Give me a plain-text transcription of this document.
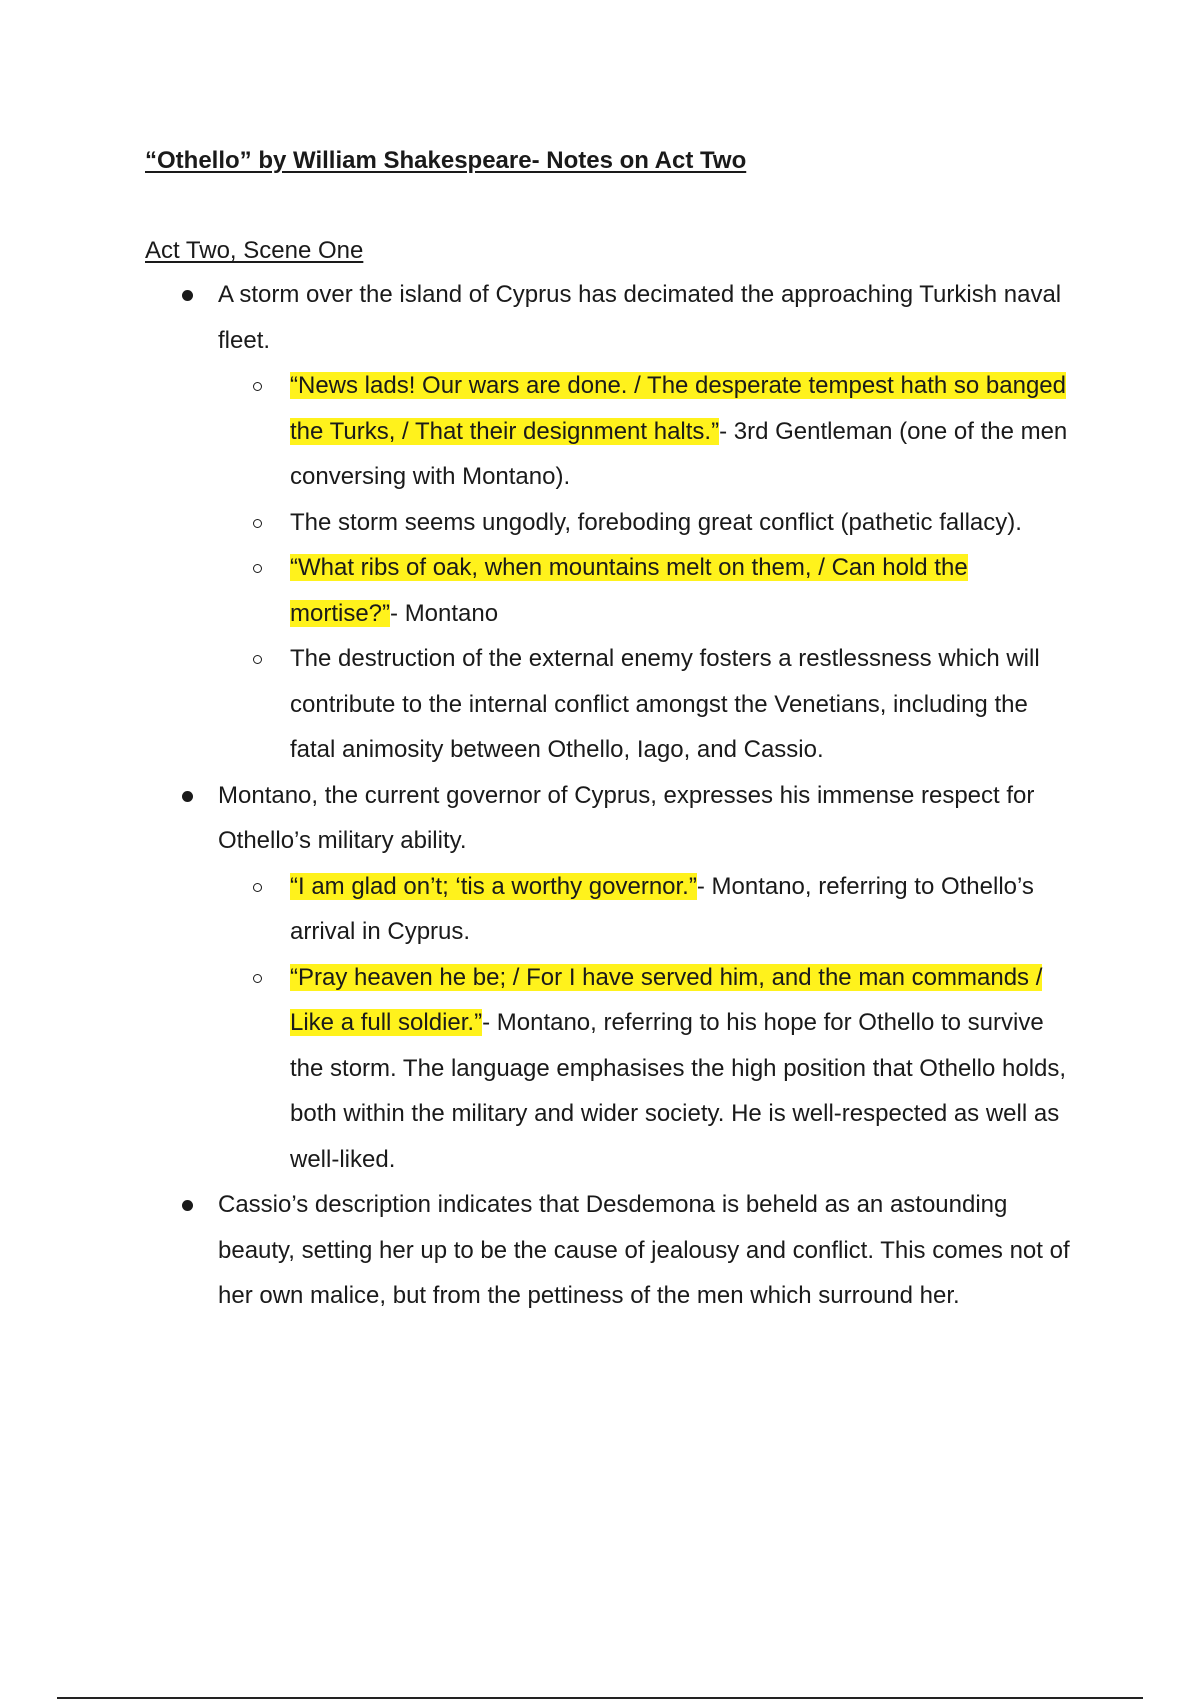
“Othello” by William Shakespeare- Notes on Act Two
Act Two, Scene One
A storm over the island of Cyprus has decimated the approaching Turkish naval fleet.
“News lads! Our wars are done. / The desperate tempest hath so banged the Turks, / That their designment halts.”- 3rd Gentleman (one of the men conversing with Montano).
The storm seems ungodly, foreboding great conflict (pathetic fallacy).
“What ribs of oak, when mountains melt on them, / Can hold the mortise?”- Montano
The destruction of the external enemy fosters a restlessness which will contribute to the internal conflict amongst the Venetians, including the fatal animosity between Othello, Iago, and Cassio.
Montano, the current governor of Cyprus, expresses his immense respect for Othello’s military ability.
“I am glad on’t; ‘tis a worthy governor.”- Montano, referring to Othello’s arrival in Cyprus.
“Pray heaven he be; / For I have served him, and the man commands / Like a full soldier.”- Montano, referring to his hope for Othello to survive the storm. The language emphasises the high position that Othello holds, both within the military and wider society. He is well-respected as well as well-liked.
Cassio’s description indicates that Desdemona is beheld as an astounding beauty, setting her up to be the cause of jealousy and conflict. This comes not of her own malice, but from the pettiness of the men which surround her.
